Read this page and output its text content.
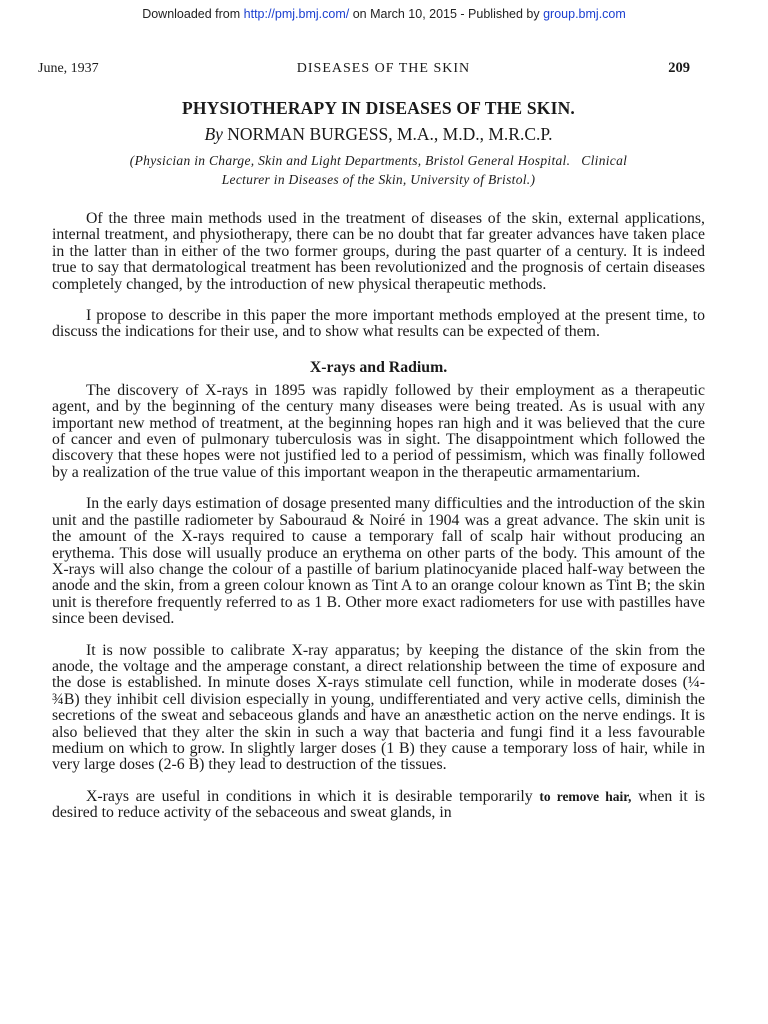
Downloaded from http://pmj.bmj.com/ on March 10, 2015 - Published by group.bmj.com
June, 1937	DISEASES OF THE SKIN	209
PHYSIOTHERAPY IN DISEASES OF THE SKIN.

By NORMAN BURGESS, M.A., M.D., M.R.C.P.

(Physician in Charge, Skin and Light Departments, Bristol General Hospital.   Clinical
Lecturer in Diseases of the Skin, University of Bristol.)

Of the three main methods used in the treatment of diseases of the skin, external applications, internal treatment, and physiotherapy, there can be no doubt that far greater advances have taken place in the latter than in either of the two former groups, during the past quarter of a century. It is indeed true to say that dermatological treatment has been revolutionized and the prognosis of certain diseases completely changed, by the introduction of new physical therapeutic methods.

I propose to describe in this paper the more important methods employed at the present time, to discuss the indications for their use, and to show what results can be expected of them.

X-rays and Radium.

The discovery of X-rays in 1895 was rapidly followed by their employment as a therapeutic agent, and by the beginning of the century many diseases were being treated. As is usual with any important new method of treatment, at the beginning hopes ran high and it was believed that the cure of cancer and even of pulmonary tuberculosis was in sight. The disappointment which followed the discovery that these hopes were not justified led to a period of pessimism, which was finally followed by a realization of the true value of this important weapon in the therapeutic armamentarium.

In the early days estimation of dosage presented many difficulties and the introduction of the skin unit and the pastille radiometer by Sabouraud & Noiré in 1904 was a great advance. The skin unit is the amount of the X-rays required to cause a temporary fall of scalp hair without producing an erythema. This dose will usually produce an erythema on other parts of the body. This amount of the X-rays will also change the colour of a pastille of barium platinocyanide placed half-way between the anode and the skin, from a green colour known as Tint A to an orange colour known as Tint B; the skin unit is therefore frequently referred to as 1 B. Other more exact radiometers for use with pastilles have since been devised.

It is now possible to calibrate X-ray apparatus; by keeping the distance of the skin from the anode, the voltage and the amperage constant, a direct relationship between the time of exposure and the dose is established. In minute doses X-rays stimulate cell function, while in moderate doses (¼-¾B) they inhibit cell division especially in young, undifferentiated and very active cells, diminish the secretions of the sweat and sebaceous glands and have an anæsthetic action on the nerve endings. It is also believed that they alter the skin in such a way that bacteria and fungi find it a less favourable medium on which to grow. In slightly larger doses (1 B) they cause a temporary loss of hair, while in very large doses (2-6 B) they lead to destruction of the tissues.

X-rays are useful in conditions in which it is desirable temporarily to remove hair, when it is desired to reduce activity of the sebaceous and sweat glands, in
